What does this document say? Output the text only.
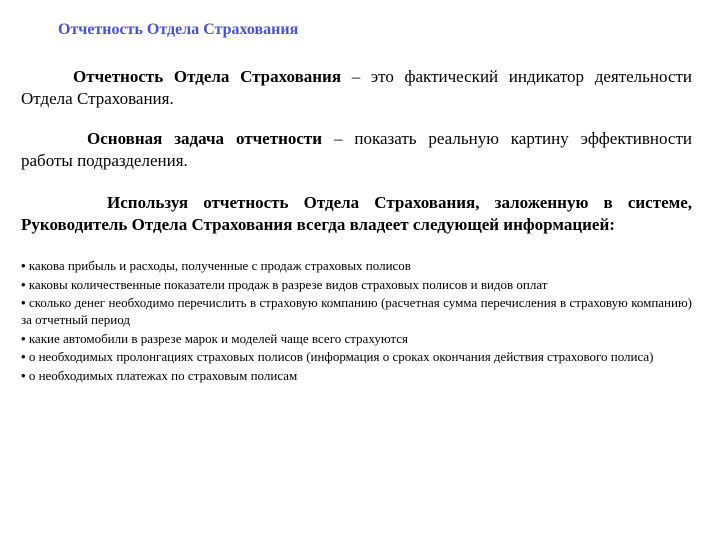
Отчетность Отдела Страхования
Отчетность Отдела Страхования – это фактический индикатор деятельности Отдела Страхования.
Основная задача отчетности – показать реальную картину эффективности работы подразделения.
Используя отчетность Отдела Страхования, заложенную в системе, Руководитель Отдела Страхования всегда владеет следующей информацией:
• какова прибыль и расходы, полученные с продаж страховых полисов
• каковы количественные показатели продаж в разрезе видов страховых полисов и видов оплат
• сколько денег необходимо перечислить в страховую компанию (расчетная сумма перечисления в страховую компанию) за отчетный период
• какие автомобили в разрезе марок и моделей чаще всего страхуются
• о необходимых пролонгациях страховых полисов (информация о сроках окончания действия страхового полиса)
• о необходимых платежах по страховым полисам
